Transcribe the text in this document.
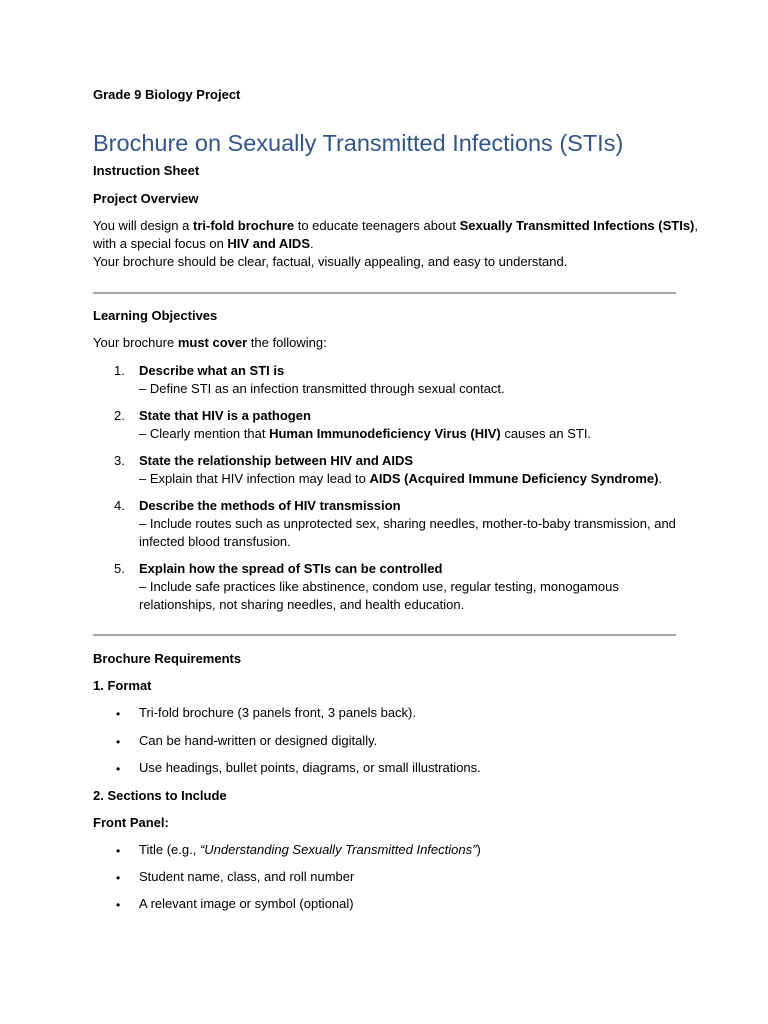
Grade 9 Biology Project
Brochure on Sexually Transmitted Infections (STIs)
Instruction Sheet
Project Overview
You will design a tri-fold brochure to educate teenagers about Sexually Transmitted Infections (STIs),
with a special focus on HIV and AIDS.
Your brochure should be clear, factual, visually appealing, and easy to understand.
Learning Objectives
Your brochure must cover the following:
1. Describe what an STI is
– Define STI as an infection transmitted through sexual contact.
2. State that HIV is a pathogen
– Clearly mention that Human Immunodeficiency Virus (HIV) causes an STI.
3. State the relationship between HIV and AIDS
– Explain that HIV infection may lead to AIDS (Acquired Immune Deficiency Syndrome).
4. Describe the methods of HIV transmission
– Include routes such as unprotected sex, sharing needles, mother-to-baby transmission, and
infected blood transfusion.
5. Explain how the spread of STIs can be controlled
– Include safe practices like abstinence, condom use, regular testing, monogamous
relationships, not sharing needles, and health education.
Brochure Requirements
1. Format
• Tri-fold brochure (3 panels front, 3 panels back).
• Can be hand-written or designed digitally.
• Use headings, bullet points, diagrams, or small illustrations.
2. Sections to Include
Front Panel:
• Title (e.g., “Understanding Sexually Transmitted Infections”)
• Student name, class, and roll number
• A relevant image or symbol (optional)
